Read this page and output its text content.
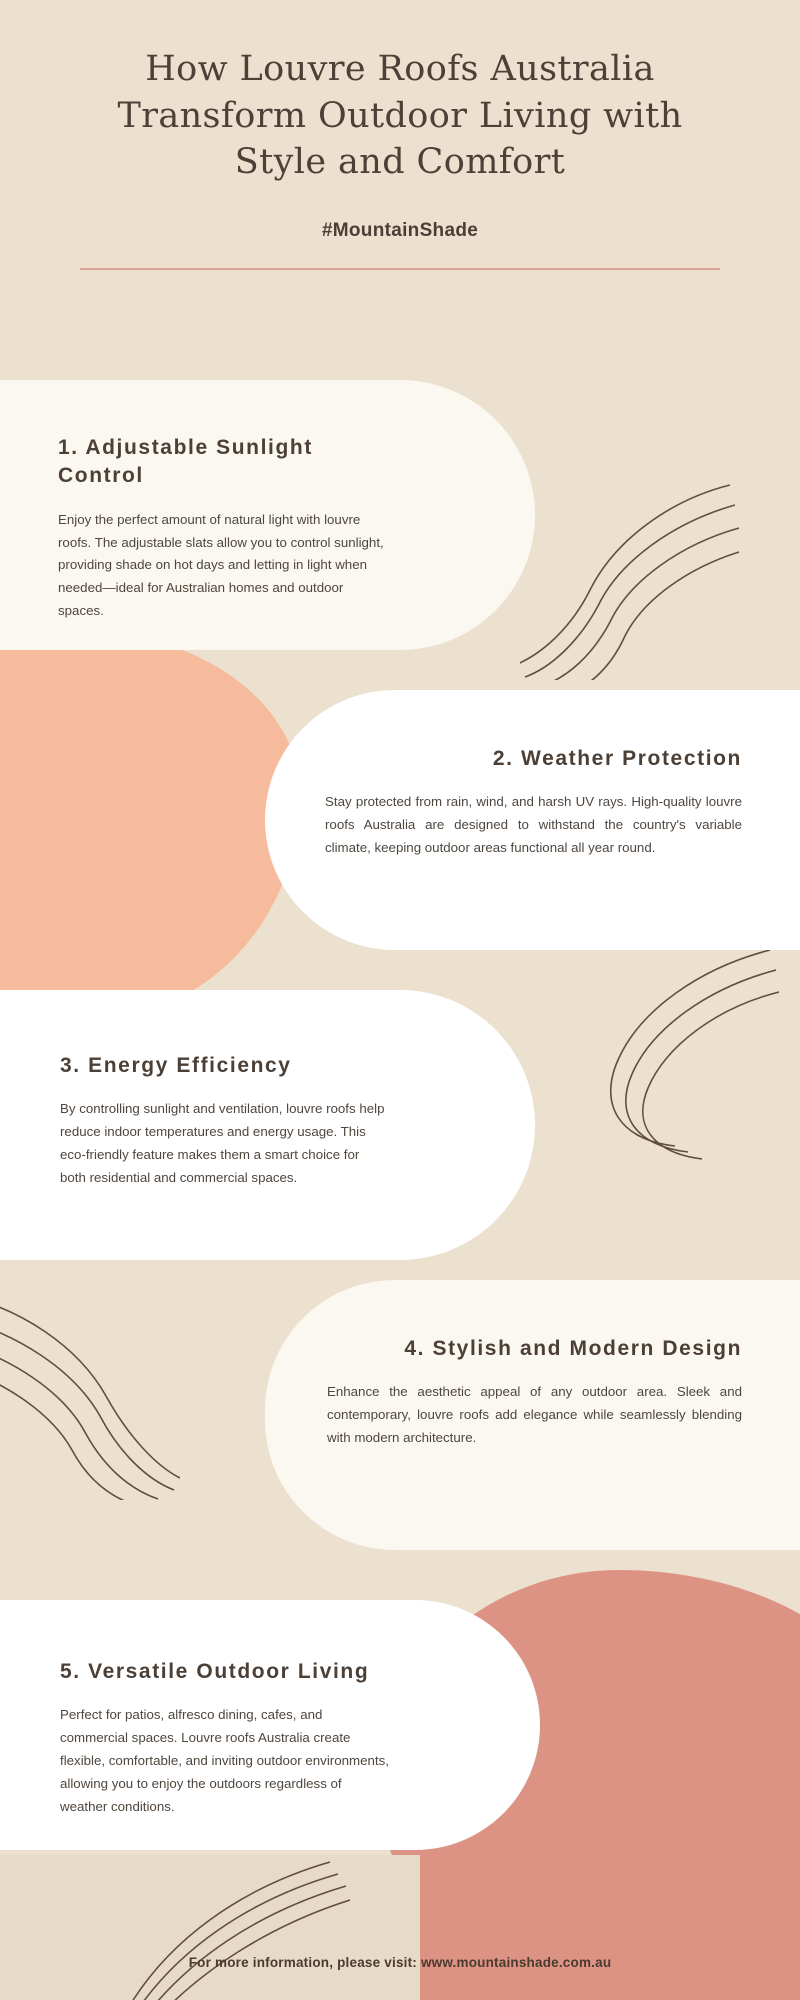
How Louvre Roofs Australia Transform Outdoor Living with Style and Comfort
#MountainShade
1. Adjustable Sunlight Control
Enjoy the perfect amount of natural light with louvre roofs. The adjustable slats allow you to control sunlight, providing shade on hot days and letting in light when needed—ideal for Australian homes and outdoor spaces.
2. Weather Protection
Stay protected from rain, wind, and harsh UV rays. High-quality louvre roofs Australia are designed to withstand the country's variable climate, keeping outdoor areas functional all year round.
3. Energy Efficiency
By controlling sunlight and ventilation, louvre roofs help reduce indoor temperatures and energy usage. This eco-friendly feature makes them a smart choice for both residential and commercial spaces.
4. Stylish and Modern Design
Enhance the aesthetic appeal of any outdoor area. Sleek and contemporary, louvre roofs add elegance while seamlessly blending with modern architecture.
5. Versatile Outdoor Living
Perfect for patios, alfresco dining, cafes, and commercial spaces. Louvre roofs Australia create flexible, comfortable, and inviting outdoor environments, allowing you to enjoy the outdoors regardless of weather conditions.
For more information, please visit: www.mountainshade.com.au
